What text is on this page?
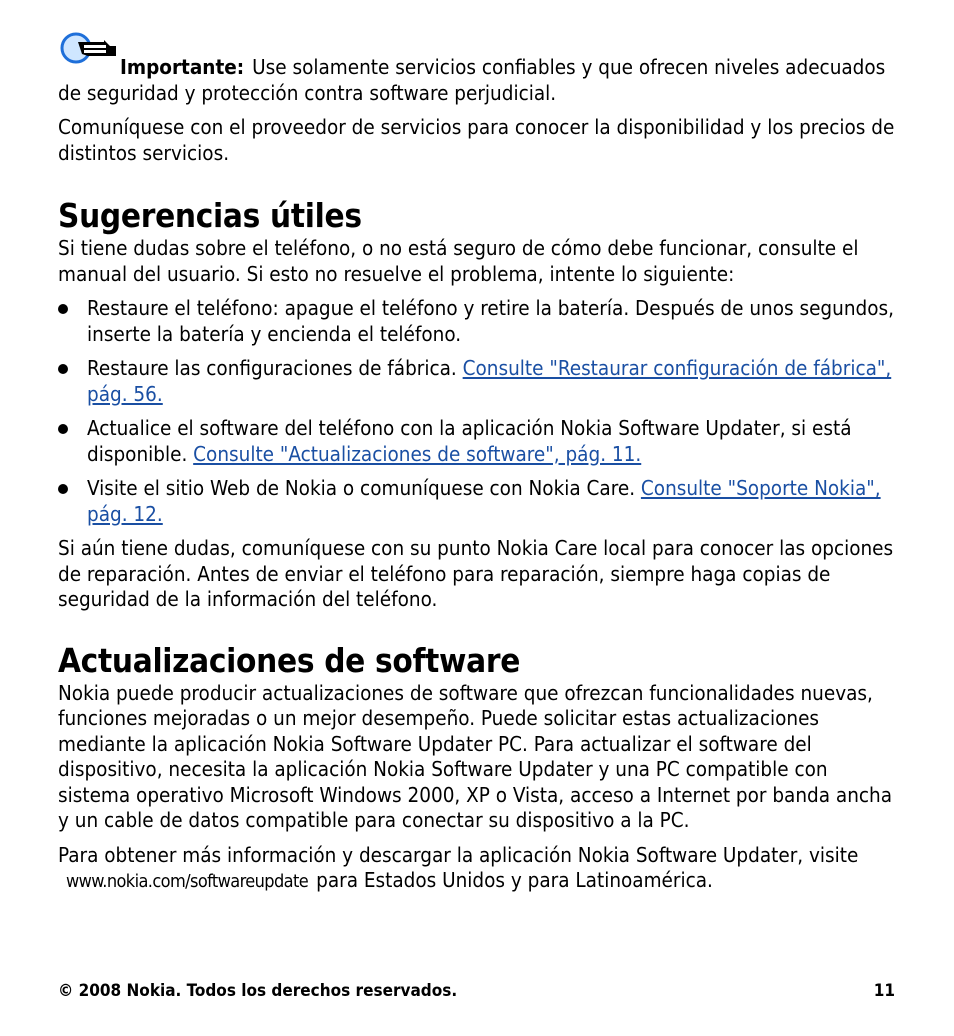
Importante: Use solamente servicios confiables y que ofrecen niveles adecuados de seguridad y protección contra software perjudicial.

Comuníquese con el proveedor de servicios para conocer la disponibilidad y los precios de distintos servicios.

Sugerencias útiles

Si tiene dudas sobre el teléfono, o no está seguro de cómo debe funcionar, consulte el manual del usuario. Si esto no resuelve el problema, intente lo siguiente:

Restaure el teléfono: apague el teléfono y retire la batería. Después de unos segundos, inserte la batería y encienda el teléfono.
Restaure las configuraciones de fábrica. Consulte "Restaurar configuración de fábrica", pág. 56.
Actualice el software del teléfono con la aplicación Nokia Software Updater, si está disponible. Consulte "Actualizaciones de software", pág. 11.
Visite el sitio Web de Nokia o comuníquese con Nokia Care. Consulte "Soporte Nokia", pág. 12.

Si aún tiene dudas, comuníquese con su punto Nokia Care local para conocer las opciones de reparación. Antes de enviar el teléfono para reparación, siempre haga copias de seguridad de la información del teléfono.

Actualizaciones de software

Nokia puede producir actualizaciones de software que ofrezcan funcionalidades nuevas, funciones mejoradas o un mejor desempeño. Puede solicitar estas actualizaciones mediante la aplicación Nokia Software Updater PC. Para actualizar el software del dispositivo, necesita la aplicación Nokia Software Updater y una PC compatible con sistema operativo Microsoft Windows 2000, XP o Vista, acceso a Internet por banda ancha y un cable de datos compatible para conectar su dispositivo a la PC.

Para obtener más información y descargar la aplicación Nokia Software Updater, visitewww.nokia.com/softwareupdate para Estados Unidos y para Latinoamérica.

© 2008 Nokia. Todos los derechos reservados.	11
